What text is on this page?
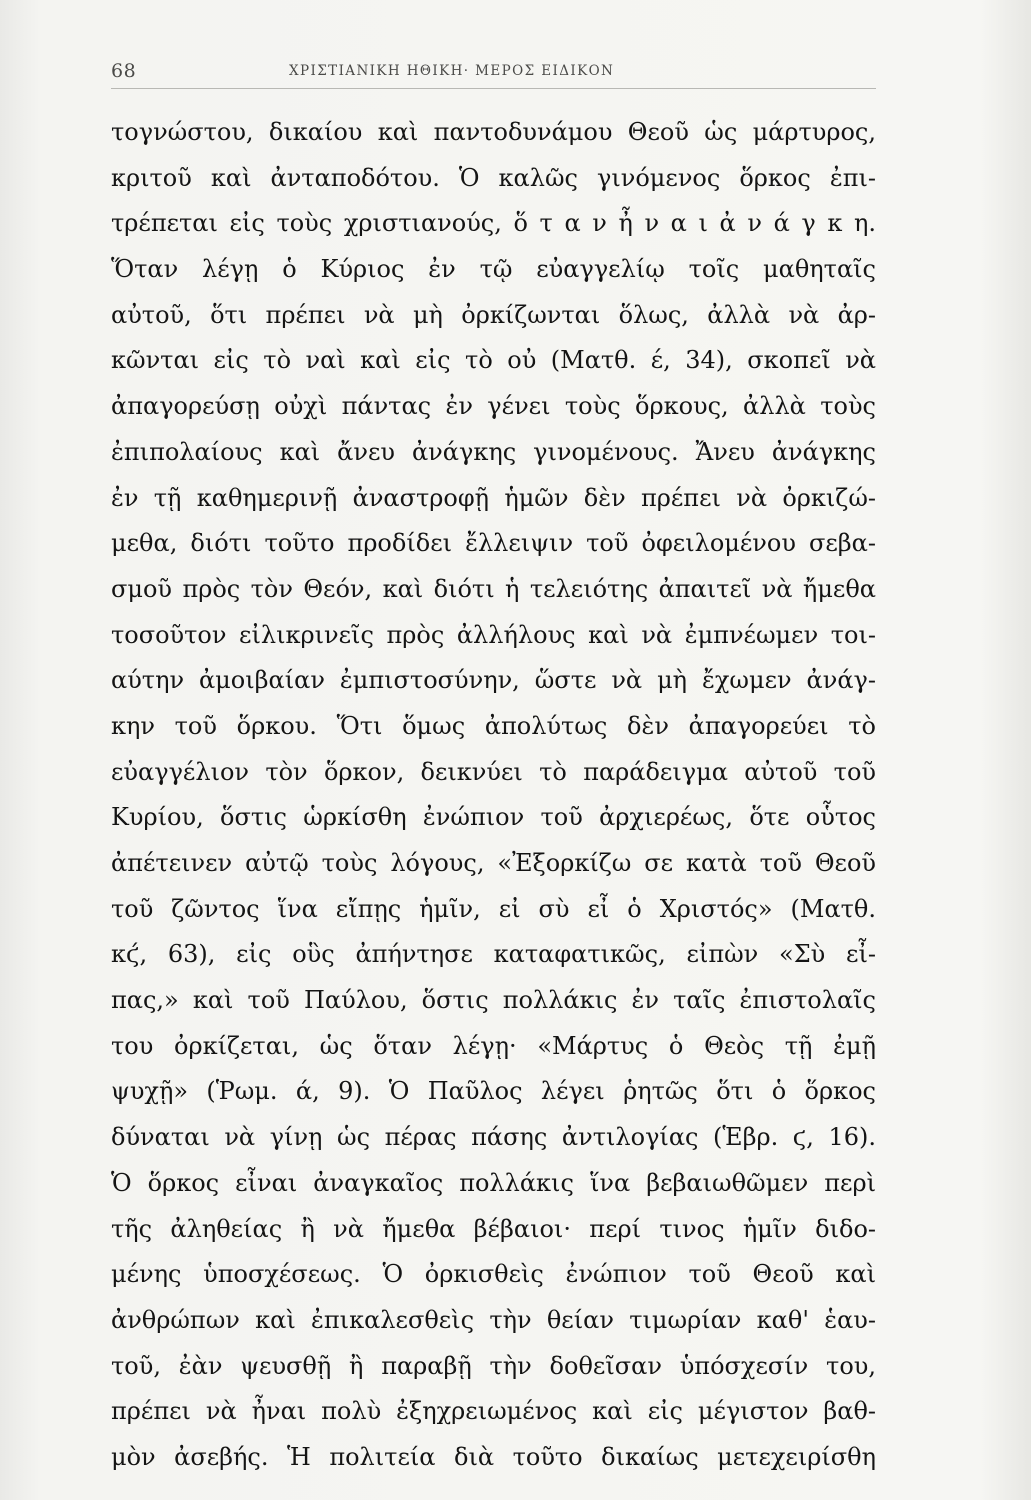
68	ΧΡΙΣΤΙΑΝΙΚΗ ΗΘΙΚΗ· ΜΕΡΟΣ ΕΙΔΙΚΟΝ
τογνώστου, δικαίου καὶ παντοδυνάμου Θεοῦ ὡς μάρτυρος,
κριτοῦ καὶ ἀνταποδότου. Ὁ καλῶς γινόμενος ὅρκος ἐπι-
τρέπεται εἰς τοὺς χριστιανούς, ὅ τ α ν ἦ ν α ι ἀ ν ά γ κ η.
Ὅταν λέγῃ ὁ Κύριος ἐν τῷ εὐαγγελίῳ τοῖς μαθηταῖς
αὐτοῦ, ὅτι πρέπει νὰ μὴ ὀρκίζωνται ὅλως, ἀλλὰ νὰ ἀρ-
κῶνται εἰς τὸ ναὶ καὶ εἰς τὸ οὐ (Ματθ. έ, 34), σκοπεῖ νὰ
ἀπαγορεύσῃ οὐχὶ πάντας ἐν γένει τοὺς ὅρκους, ἀλλὰ τοὺς
ἐπιπολαίους καὶ ἄνευ ἀνάγκης γινομένους. Ἄνευ ἀνάγκης
ἐν τῇ καθημερινῇ ἀναστροφῇ ἡμῶν δὲν πρέπει νὰ ὀρκιζώ-
μεθα, διότι τοῦτο προδίδει ἔλλειψιν τοῦ ὀφειλομένου σεβα-
σμοῦ πρὸς τὸν Θεόν, καὶ διότι ἡ τελειότης ἀπαιτεῖ νὰ ἤμεθα
τοσοῦτον εἰλικρινεῖς πρὸς ἀλλήλους καὶ νὰ ἐμπνέωμεν τοι-
αύτην ἀμοιβαίαν ἐμπιστοσύνην, ὥστε νὰ μὴ ἔχωμεν ἀνάγ-
κην τοῦ ὅρκου. Ὅτι ὅμως ἀπολύτως δὲν ἀπαγορεύει τὸ
εὐαγγέλιον τὸν ὅρκον, δεικνύει τὸ παράδειγμα αὐτοῦ τοῦ
Κυρίου, ὅστις ὡρκίσθη ἐνώπιον τοῦ ἀρχιερέως, ὅτε οὗτος
ἀπέτεινεν αὐτῷ τοὺς λόγους, «Ἐξορκίζω σε κατὰ τοῦ Θεοῦ
τοῦ ζῶντος ἵνα εἴπῃς ἡμῖν, εἰ σὺ εἶ ὁ Χριστός» (Ματθ.
κϛ́, 63), εἰς οὓς ἀπήντησε καταφατικῶς, εἰπὼν «Σὺ εἶ-
πας,» καὶ τοῦ Παύλου, ὅστις πολλάκις ἐν ταῖς ἐπιστολαῖς
του ὀρκίζεται, ὡς ὅταν λέγῃ· «Μάρτυς ὁ Θεὸς τῇ ἐμῇ
ψυχῇ» (Ῥωμ. ά, 9). Ὁ Παῦλος λέγει ῥητῶς ὅτι ὁ ὅρκος
δύναται νὰ γίνῃ ὡς πέρας πάσης ἀντιλογίας (Ἑβρ. ϛ, 16).
Ὁ ὅρκος εἶναι ἀναγκαῖος πολλάκις ἵνα βεβαιωθῶμεν περὶ
τῆς ἀληθείας ἢ νὰ ἤμεθα βέβαιοι· περί τινος ἡμῖν διδο-
μένης ὑποσχέσεως. Ὁ ὀρκισθεὶς ἐνώπιον τοῦ Θεοῦ καὶ
ἀνθρώπων καὶ ἐπικαλεσθεὶς τὴν θείαν τιμωρίαν καθ' ἑαυ-
τοῦ, ἐὰν ψευσθῇ ἢ παραβῇ τὴν δοθεῖσαν ὑπόσχεσίν του,
πρέπει νὰ ἦναι πολὺ ἐξηχρειωμένος καὶ εἰς μέγιστον βαθ-
μὸν ἀσεβής. Ἡ πολιτεία διὰ τοῦτο δικαίως μετεχειρίσθη
